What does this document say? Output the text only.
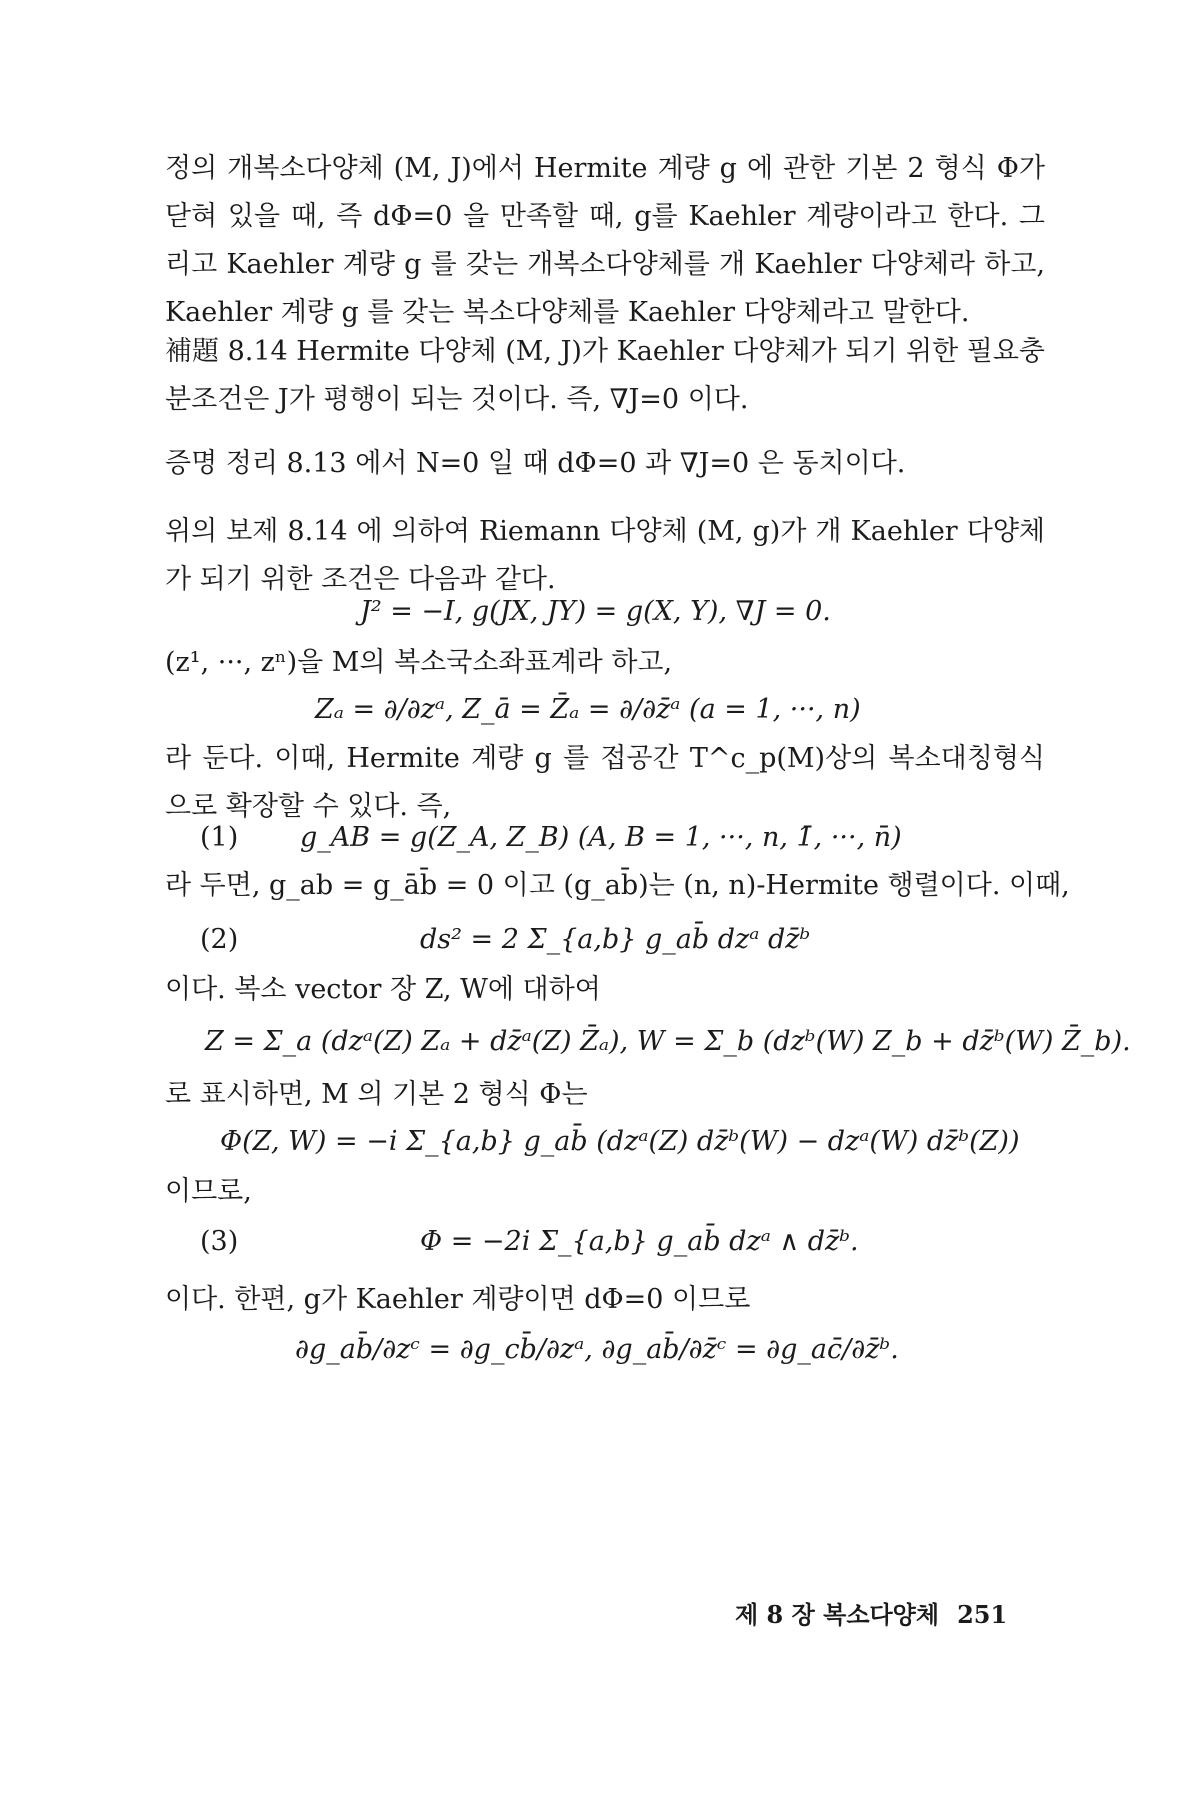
정의 개복소다양체 (M, J)에서 Hermite 계량 g 에 관한 기본 2 형식 Φ가 닫혀 있을 때, 즉 dΦ=0 을 만족할 때, g를 Kaehler 계량이라고 한다. 그리고 Kaehler 계량 g 를 갖는 개복소다양체를 개 Kaehler 다양체라 하고, Kaehler 계량 g 를 갖는 복소다양체를 Kaehler 다양체라고 말한다.

補題 8.14 Hermite 다양체 (M, J)가 Kaehler 다양체가 되기 위한 필요충분조건은 J가 평행이 되는 것이다. 즉, ∇J=0 이다.

증명 정리 8.13 에서 N=0 일 때 dΦ=0 과 ∇J=0 은 동치이다.

위의 보제 8.14 에 의하여 Riemann 다양체 (M, g)가 개 Kaehler 다양체가 되기 위한 조건은 다음과 같다.

J² = −I, g(JX, JY) = g(X, Y), ∇J = 0.
(z¹, ···, zⁿ)을 M의 복소국소좌표계라 하고,
Zₐ = ∂/∂zᵃ, Z_ā = Z̄ₐ = ∂/∂z̄ᵃ (a = 1, ···, n)

라 둔다. 이때, Hermite 계량 g 를 접공간 T^c_p(M)상의 복소대칭형식으로 확장할 수 있다. 즉,

(1) g_AB = g(Z_A, Z_B) (A, B = 1, ···, n, 1̄, ···, n̄)
라 두면, g_ab = g_āb̄ = 0 이고 (g_ab̄)는 (n, n)-Hermite 행렬이다. 이때,
(2)	ds² = 2 Σ_{a,b} g_ab̄ dzᵃ dz̄ᵇ
이다. 복소 vector 장 Z, W에 대하여
Z = Σ_a (dzᵃ(Z) Zₐ + dz̄ᵃ(Z) Z̄ₐ), W = Σ_b (dzᵇ(W) Z_b + dz̄ᵇ(W) Z̄_b).
로 표시하면, M 의 기본 2 형식 Φ는
Φ(Z, W) = −i Σ_{a,b} g_ab̄ (dzᵃ(Z) dz̄ᵇ(W) − dzᵃ(W) dz̄ᵇ(Z))
이므로,
(3)	Φ = −2i Σ_{a,b} g_ab̄ dzᵃ ∧ dz̄ᵇ.
이다. 한편, g가 Kaehler 계량이면 dΦ=0 이므로
∂g_ab̄/∂zᶜ = ∂g_cb̄/∂zᵃ, ∂g_ab̄/∂z̄ᶜ = ∂g_ac̄/∂z̄ᵇ.
제 8 장 복소다양체 251
